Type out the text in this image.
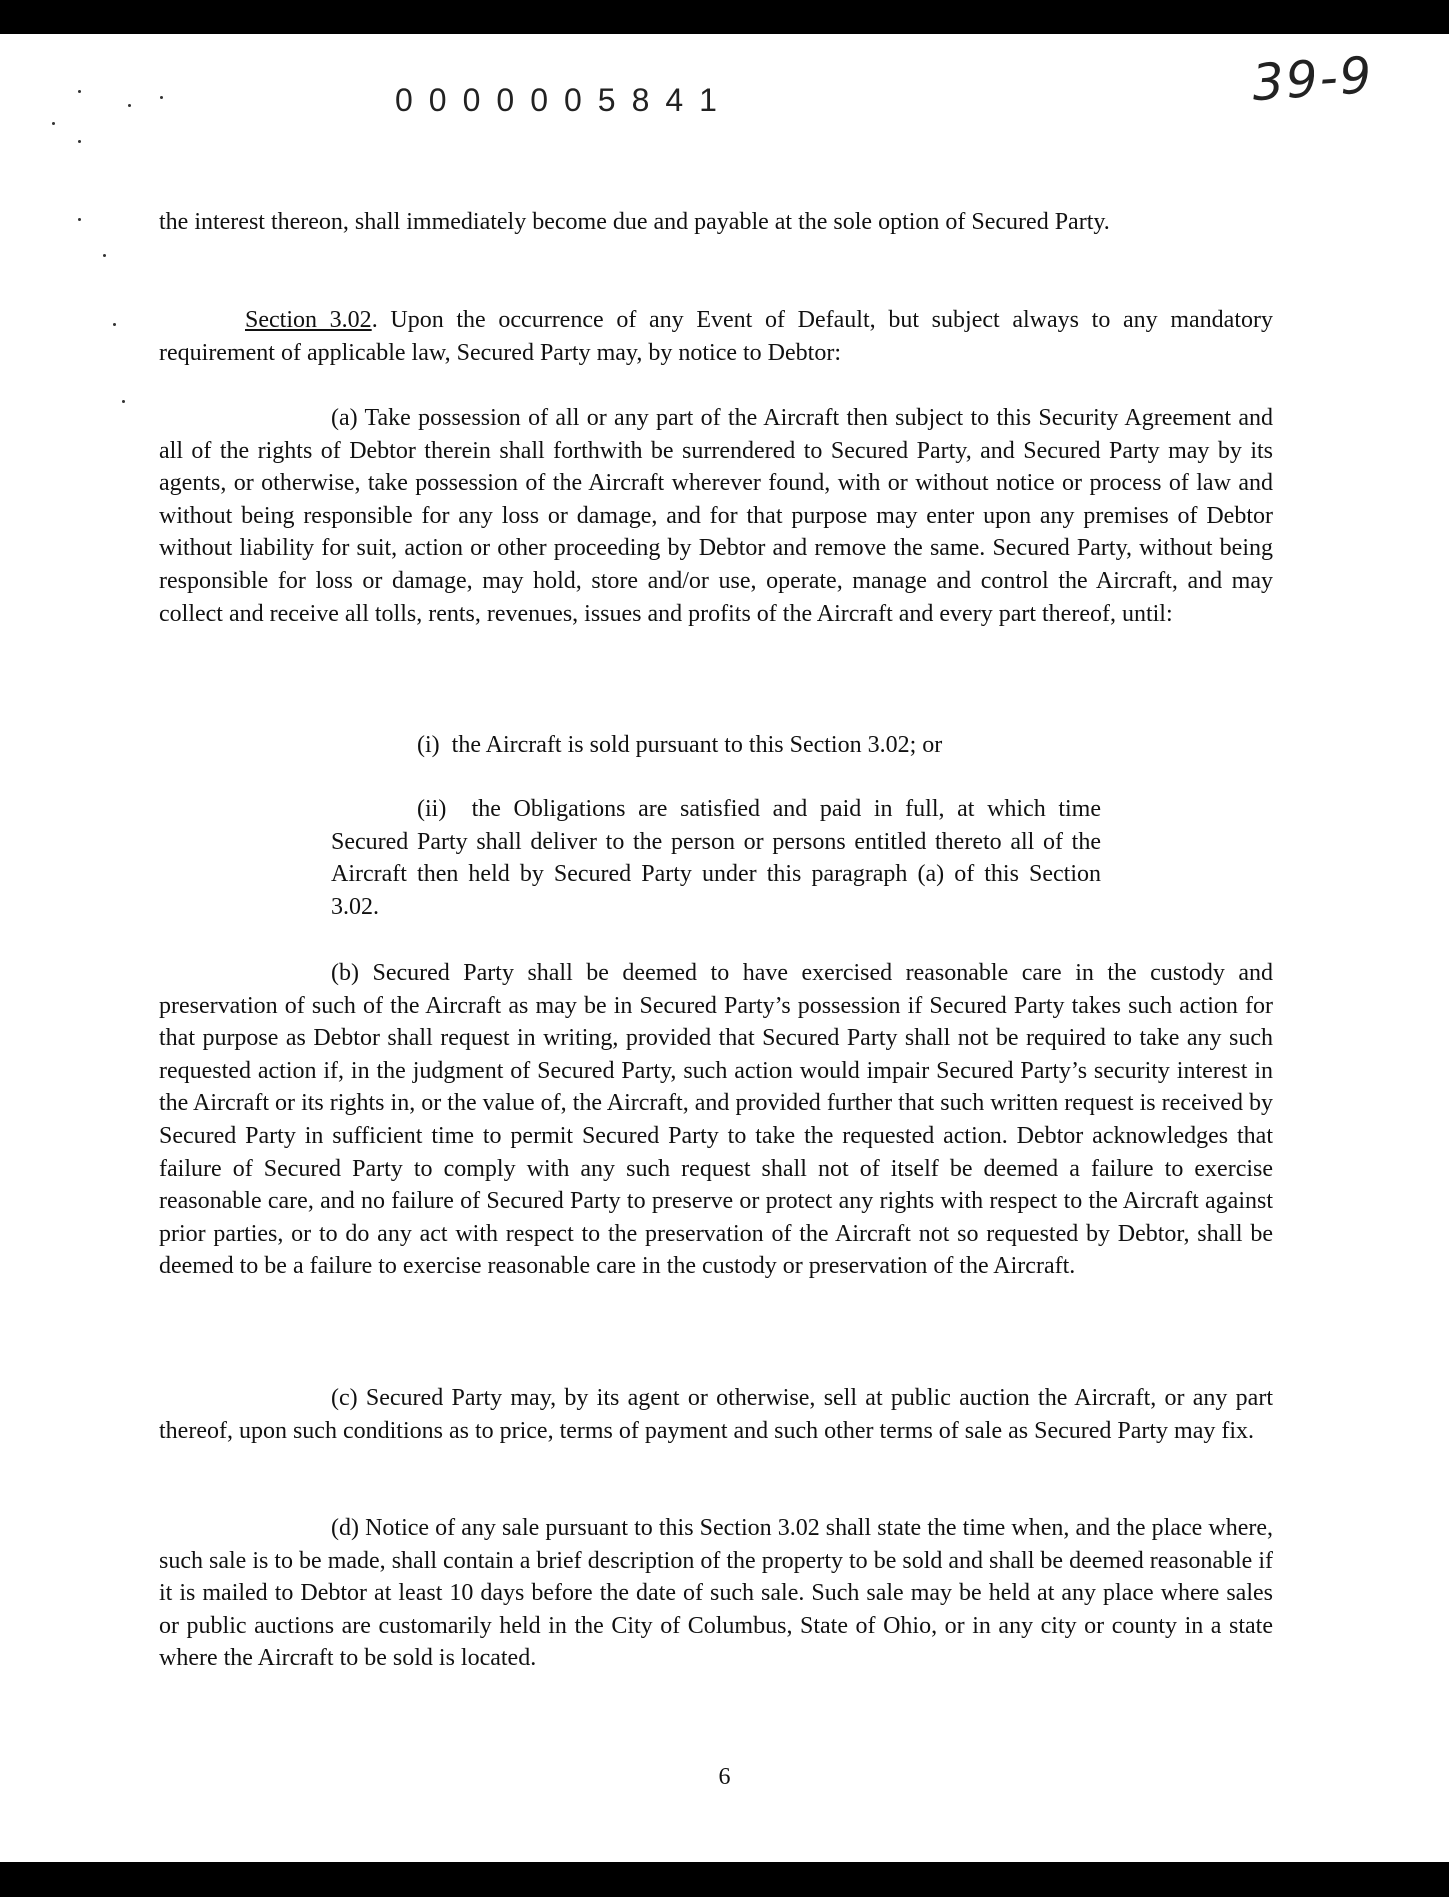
0000005841	39-9

the interest thereon, shall immediately become due and payable at the sole option of Secured Party.

Section 3.02. Upon the occurrence of any Event of Default, but subject always to any mandatory requirement of applicable law, Secured Party may, by notice to Debtor:

(a) Take possession of all or any part of the Aircraft then subject to this Security Agreement and all of the rights of Debtor therein shall forthwith be surrendered to Secured Party, and Secured Party may by its agents, or otherwise, take possession of the Aircraft wherever found, with or without notice or process of law and without being responsible for any loss or damage, and for that purpose may enter upon any premises of Debtor without liability for suit, action or other proceeding by Debtor and remove the same. Secured Party, without being responsible for loss or damage, may hold, store and/or use, operate, manage and control the Aircraft, and may collect and receive all tolls, rents, revenues, issues and profits of the Aircraft and every part thereof, until:

(i)  the Aircraft is sold pursuant to this Section 3.02; or

(ii)  the Obligations are satisfied and paid in full, at which time Secured Party shall deliver to the person or persons entitled thereto all of the Aircraft then held by Secured Party under this paragraph (a) of this Section 3.02.

(b) Secured Party shall be deemed to have exercised reasonable care in the custody and preservation of such of the Aircraft as may be in Secured Party’s possession if Secured Party takes such action for that purpose as Debtor shall request in writing, provided that Secured Party shall not be required to take any such requested action if, in the judgment of Secured Party, such action would impair Secured Party’s security interest in the Aircraft or its rights in, or the value of, the Aircraft, and provided further that such written request is received by Secured Party in sufficient time to permit Secured Party to take the requested action. Debtor acknowledges that failure of Secured Party to comply with any such request shall not of itself be deemed a failure to exercise reasonable care, and no failure of Secured Party to preserve or protect any rights with respect to the Aircraft against prior parties, or to do any act with respect to the preservation of the Aircraft not so requested by Debtor, shall be deemed to be a failure to exercise reasonable care in the custody or preservation of the Aircraft.

(c) Secured Party may, by its agent or otherwise, sell at public auction the Aircraft, or any part thereof, upon such conditions as to price, terms of payment and such other terms of sale as Secured Party may fix.

(d) Notice of any sale pursuant to this Section 3.02 shall state the time when, and the place where, such sale is to be made, shall contain a brief description of the property to be sold and shall be deemed reasonable if it is mailed to Debtor at least 10 days before the date of such sale. Such sale may be held at any place where sales or public auctions are customarily held in the City of Columbus, State of Ohio, or in any city or county in a state where the Aircraft to be sold is located.

6
